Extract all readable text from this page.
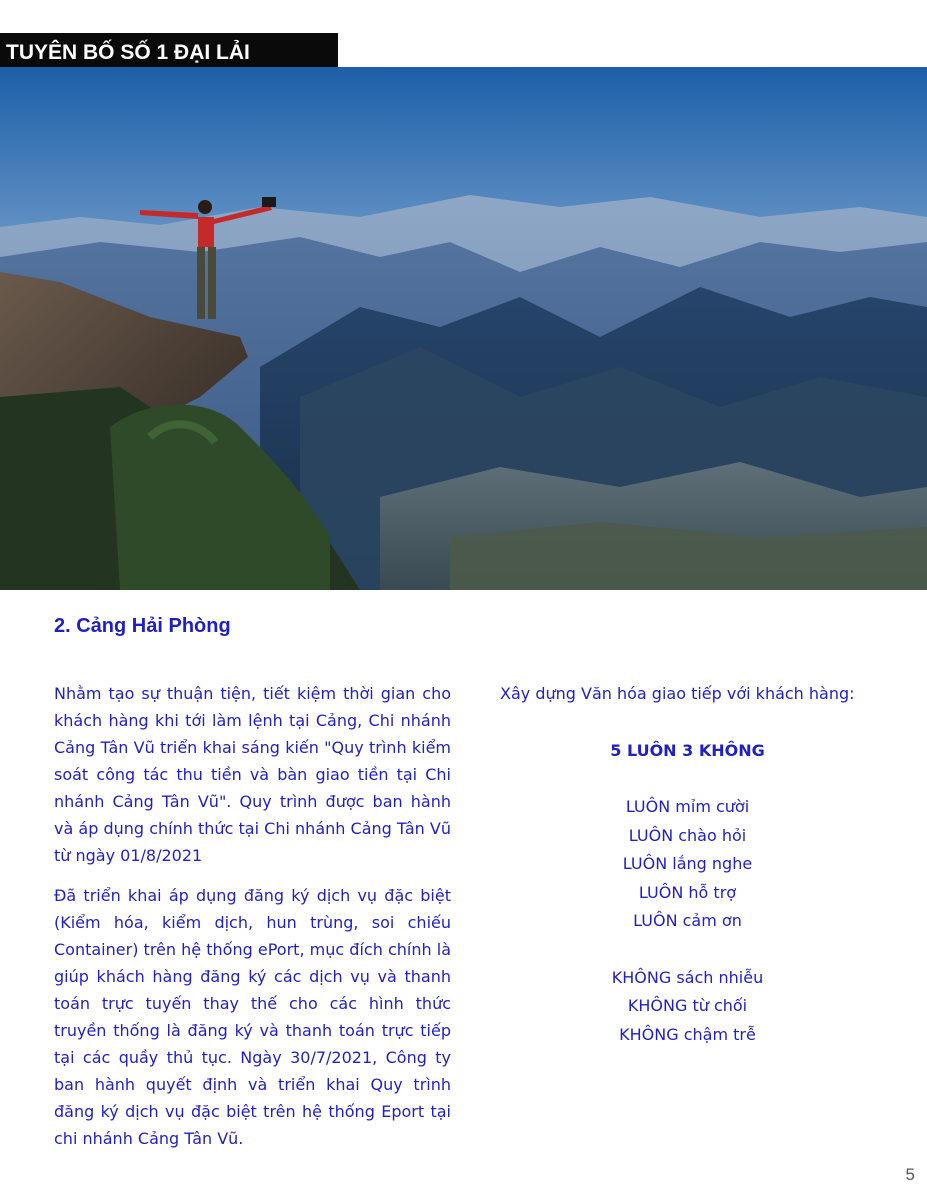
TUYÊN BỐ SỐ 1 ĐẠI LẢI
2. Cảng Hải Phòng

Nhằm tạo sự thuận tiện, tiết kiệm thời gian cho khách hàng khi tới làm lệnh tại Cảng, Chi nhánh Cảng Tân Vũ triển khai sáng kiến "Quy trình kiểm soát công tác thu tiền và bàn giao tiền tại Chi nhánh Cảng Tân Vũ". Quy trình được ban hành và áp dụng chính thức tại Chi nhánh Cảng Tân Vũ từ ngày 01/8/2021

Đã triển khai áp dụng đăng ký dịch vụ đặc biệt (Kiểm hóa, kiểm dịch, hun trùng, soi chiếu Container) trên hệ thống ePort, mục đích chính là giúp khách hàng đăng ký các dịch vụ và thanh toán trực tuyến thay thế cho các hình thức truyền thống là đăng ký và thanh toán trực tiếp tại các quầy thủ tục. Ngày 30/7/2021, Công ty ban hành quyết định và triển khai Quy trình đăng ký dịch vụ đặc biệt trên hệ thống Eport tại chi nhánh Cảng Tân Vũ.

Xây dựng Văn hóa giao tiếp với khách hàng:
5 LUÔN 3 KHÔNG
LUÔN mỉm cười
LUÔN chào hỏi
LUÔN lắng nghe
LUÔN hỗ trợ
LUÔN cảm ơn
KHÔNG sách nhiễu
KHÔNG từ chối
KHÔNG chậm trễ
5
